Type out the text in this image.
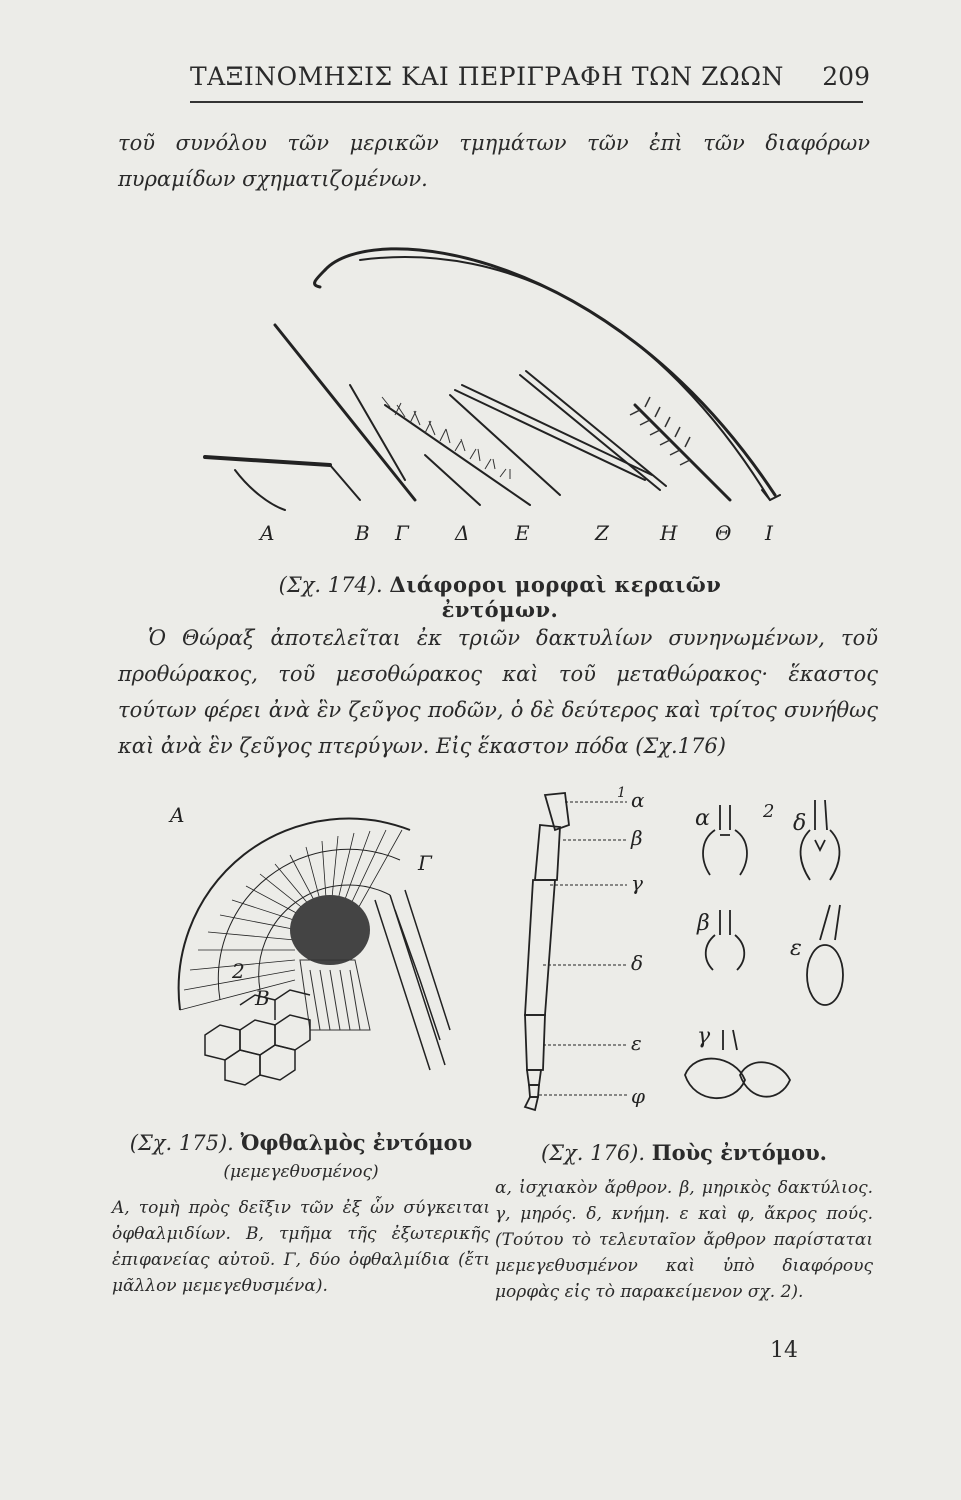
ΤΑΞΙΝΟΜΗΣΙΣ ΚΑΙ ΠΕΡΙΓΡΑΦΗ ΤΩΝ ΖΩΩΝ 209
τοῦ συνόλου τῶν μερικῶν τμημάτων τῶν ἐπὶ τῶν διαφόρων πυραμίδων σχηματιζομένων.
A	B Γ Δ E	Z	H Θ I
(Σχ. 174). Διάφοροι μορφαὶ κεραιῶν ἐντόμων.
Ὁ Θώραξ ἀποτελεῖται ἐκ τριῶν δακτυλίων συνηνωμένων, τοῦ προθώρακος, τοῦ μεσοθώρακος καὶ τοῦ μεταθώρακος· ἕκαστος τούτων φέρει ἀνὰ ἓν ζεῦγος ποδῶν, ὁ δὲ δεύτερος καὶ τρίτος συνήθως καὶ ἀνὰ ἓν ζεῦγος πτερύγων. Εἰς ἕκαστον πόδα (Σχ.176)
A
B
Γ
2
1 α
β
γ
δ
ε
φ
α	2 δ
β
ε
γ
(Σχ. 175). Ὀφθαλμὸς ἐντόμου
(μεμεγεθυσμένος)
A, τομὴ πρὸς δεῖξιν τῶν ἐξ ὧν σύγκειται ὀφθαλμιδίων. B, τμῆμα τῆς ἐξωτερικῆς ἐπιφανείας αὐτοῦ. Γ, δύο ὀφθαλμίδια (ἔτι μᾶλλον μεμεγεθυσμένα).
(Σχ. 176). Ποὺς ἐντόμου.
α, ἰσχιακὸν ἄρθρον. β, μηρικὸς δακτύλιος. γ, μηρός. δ, κνήμη. ε καὶ φ, ἄκρος πούς. (Τούτου τὸ τελευταῖον ἄρθρον παρίσταται μεμεγεθυσμένον καὶ ὑπὸ διαφόρους μορφὰς εἰς τὸ παρακείμενον σχ. 2).
14
